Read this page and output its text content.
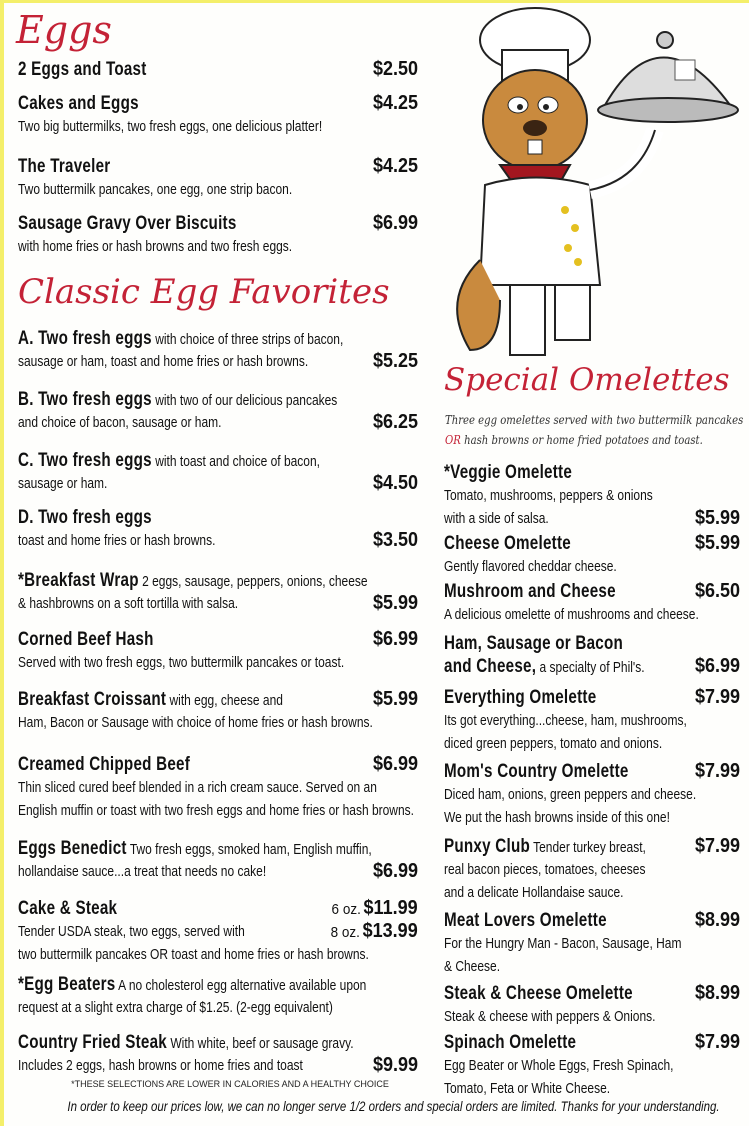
Eggs
Classic Egg Favorites
Special Omelettes
Three egg omelettes served with two buttermilk pancakes
OR hash browns or home fried potatoes and toast.
2 Eggs and Toast	$2.50
Cakes and Eggs	$4.25
Two big buttermilks, two fresh eggs, one delicious platter!
The Traveler	$4.25
Two buttermilk pancakes, one egg, one strip bacon.
Sausage Gravy Over Biscuits	$6.99
with home fries or hash browns and two fresh eggs.
A. Two fresh eggs with choice of three strips of bacon,
sausage or ham, toast and home fries or hash browns.	$5.25
B. Two fresh eggs with two of our delicious pancakes
and choice of bacon, sausage or ham.	$6.25
C. Two fresh eggs with toast and choice of bacon,
sausage or ham.	$4.50
D. Two fresh eggs
toast and home fries or hash browns.	$3.50
*Breakfast Wrap 2 eggs, sausage, peppers, onions, cheese
& hashbrowns on a soft tortilla with salsa.	$5.99
Corned Beef Hash	$6.99
Served with two fresh eggs, two buttermilk pancakes or toast.
Breakfast Croissant with egg, cheese and	$5.99
Ham, Bacon or Sausage with choice of home fries or hash browns.
Creamed Chipped Beef	$6.99
Thin sliced cured beef blended in a rich cream sauce. Served on an
English muffin or toast with two fresh eggs and home fries or hash browns.
Eggs Benedict Two fresh eggs, smoked ham, English muffin,
hollandaise sauce...a treat that needs no cake!	$6.99
Cake & Steak	6 oz. $11.99
Tender USDA steak, two eggs, served with	8 oz. $13.99
two buttermilk pancakes OR toast and home fries or hash browns.
*Egg Beaters A no cholesterol egg alternative available upon
request at a slight extra charge of $1.25. (2-egg equivalent)
Country Fried Steak With white, beef or sausage gravy.
Includes 2 eggs, hash browns or home fries and toast	$9.99
*Veggie Omelette
Tomato, mushrooms, peppers & onions
with a side of salsa.	$5.99
Cheese Omelette	$5.99
Gently flavored cheddar cheese.
Mushroom and Cheese	$6.50
A delicious omelette of mushrooms and cheese.
Ham, Sausage or Bacon
and Cheese, a specialty of Phil's.	$6.99
Everything Omelette	$7.99
Its got everything...cheese, ham, mushrooms,
diced green peppers, tomato and onions.
Mom's Country Omelette	$7.99
Diced ham, onions, green peppers and cheese.
We put the hash browns inside of this one!
Punxy Club Tender turkey breast, $7.99
real bacon pieces, tomatoes, cheeses
and a delicate Hollandaise sauce.
Meat Lovers Omelette	$8.99
For the Hungry Man - Bacon, Sausage, Ham
& Cheese.
Steak & Cheese Omelette	$8.99
Steak & cheese with peppers & Onions.
Spinach Omelette	$7.99
Egg Beater or Whole Eggs, Fresh Spinach,
Tomato, Feta or White Cheese.
*THESE SELECTIONS ARE LOWER IN CALORIES AND A HEALTHY CHOICE
In order to keep our prices low, we can no longer serve 1/2 orders and special orders are limited. Thanks for your understanding.
